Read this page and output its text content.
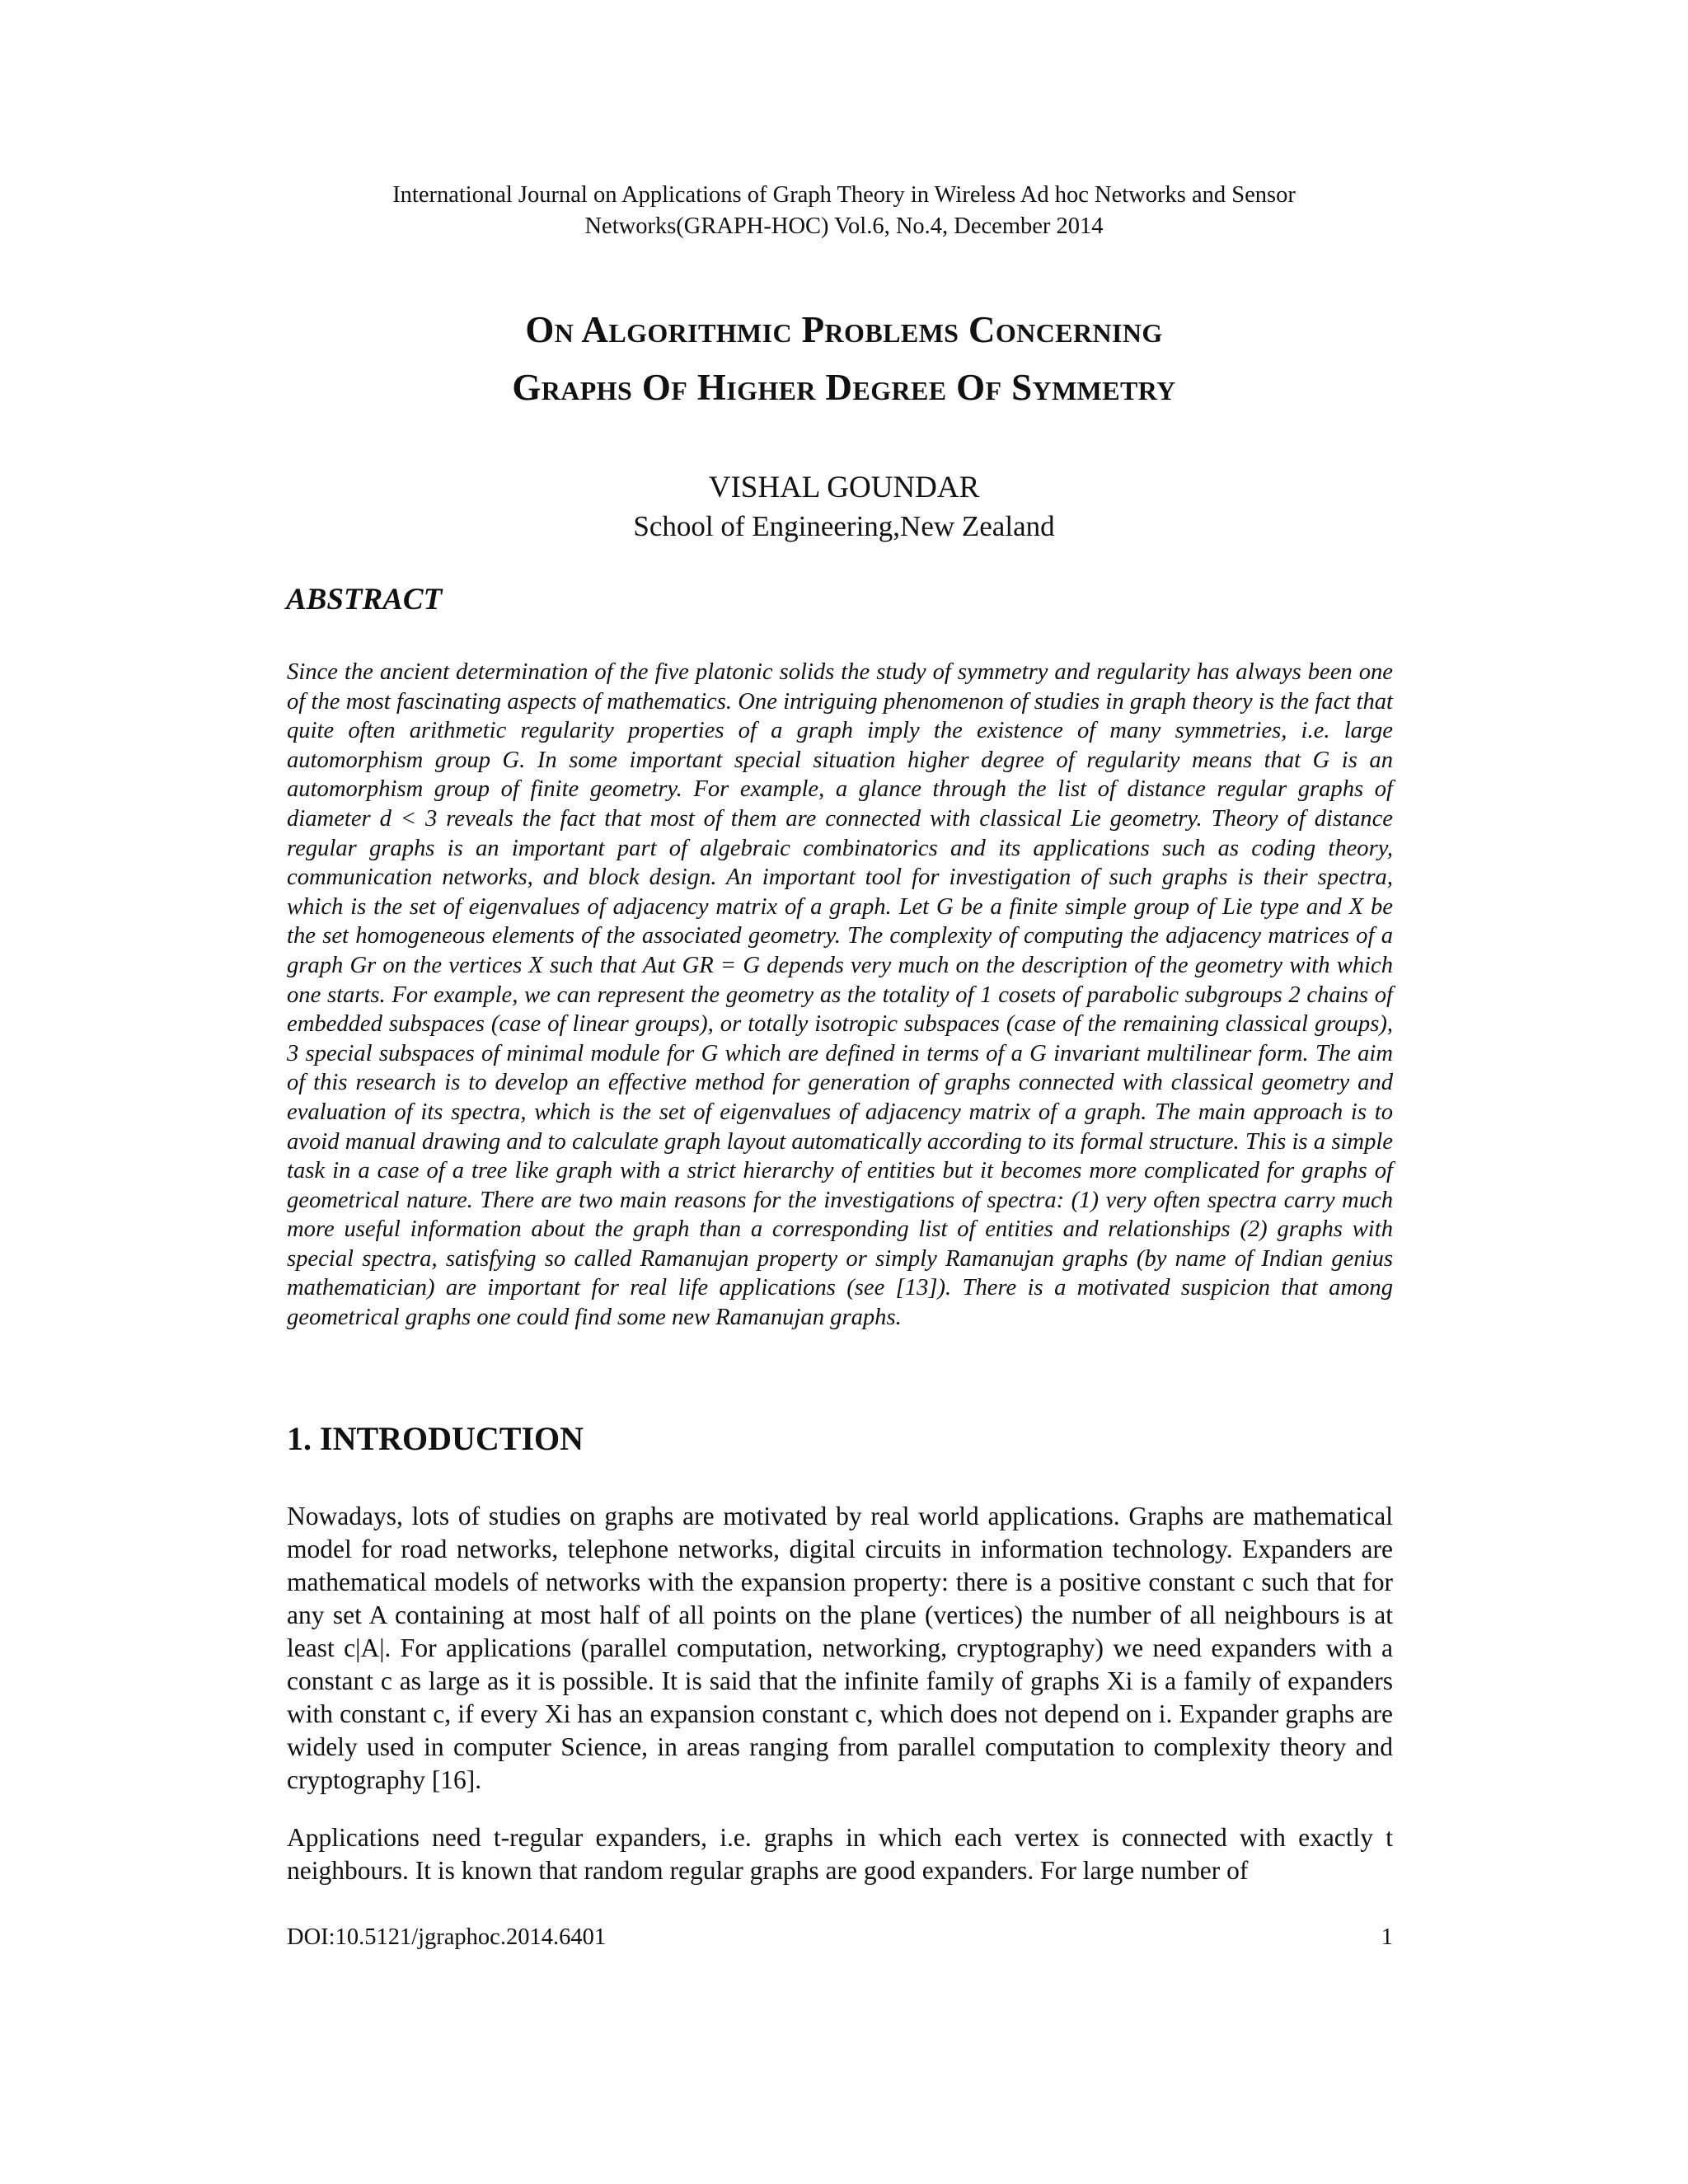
International Journal on Applications of Graph Theory in Wireless Ad hoc Networks and Sensor
Networks(GRAPH-HOC) Vol.6, No.4, December 2014
On Algorithmic Problems Concerning
Graphs Of Higher Degree Of Symmetry
VISHAL GOUNDAR
School of Engineering,New Zealand
ABSTRACT

Since the ancient determination of the five platonic solids the study of symmetry and regularity has always been one of the most fascinating aspects of mathematics. One intriguing phenomenon of studies in graph theory is the fact that quite often arithmetic regularity properties of a graph imply the existence of many symmetries, i.e. large automorphism group G. In some important special situation higher degree of regularity means that G is an automorphism group of finite geometry. For example, a glance through the list of distance regular graphs of diameter d < 3 reveals the fact that most of them are connected with classical Lie geometry. Theory of distance regular graphs is an important part of algebraic combinatorics and its applications such as coding theory, communication networks, and block design. An important tool for investigation of such graphs is their spectra, which is the set of eigenvalues of adjacency matrix of a graph. Let G be a finite simple group of Lie type and X be the set homogeneous elements of the associated geometry. The complexity of computing the adjacency matrices of a graph Gr on the vertices X such that Aut GR = G depends very much on the description of the geometry with which one starts. For example, we can represent the geometry as the totality of 1 cosets of parabolic subgroups 2 chains of embedded subspaces (case of linear groups), or totally isotropic subspaces (case of the remaining classical groups), 3 special subspaces of minimal module for G which are defined in terms of a G invariant multilinear form. The aim of this research is to develop an effective method for generation of graphs connected with classical geometry and evaluation of its spectra, which is the set of eigenvalues of adjacency matrix of a graph. The main approach is to avoid manual drawing and to calculate graph layout automatically according to its formal structure. This is a simple task in a case of a tree like graph with a strict hierarchy of entities but it becomes more complicated for graphs of geometrical nature. There are two main reasons for the investigations of spectra: (1) very often spectra carry much more useful information about the graph than a corresponding list of entities and relationships (2) graphs with special spectra, satisfying so called Ramanujan property or simply Ramanujan graphs (by name of Indian genius mathematician) are important for real life applications (see [13]). There is a motivated suspicion that among geometrical graphs one could find some new Ramanujan graphs.

1. INTRODUCTION

Nowadays, lots of studies on graphs are motivated by real world applications. Graphs are mathematical model for road networks, telephone networks, digital circuits in information technology. Expanders are mathematical models of networks with the expansion property: there is a positive constant c such that for any set A containing at most half of all points on the plane (vertices) the number of all neighbours is at least c|A|. For applications (parallel computation, networking, cryptography) we need expanders with a constant c as large as it is possible. It is said that the infinite family of graphs Xi is a family of expanders with constant c, if every Xi has an expansion constant c, which does not depend on i. Expander graphs are widely used in computer Science, in areas ranging from parallel computation to complexity theory and cryptography [16].

Applications need t-regular expanders, i.e. graphs in which each vertex is connected with exactly t neighbours. It is known that random regular graphs are good expanders. For large number of

DOI:10.5121/jgraphoc.2014.6401	1
